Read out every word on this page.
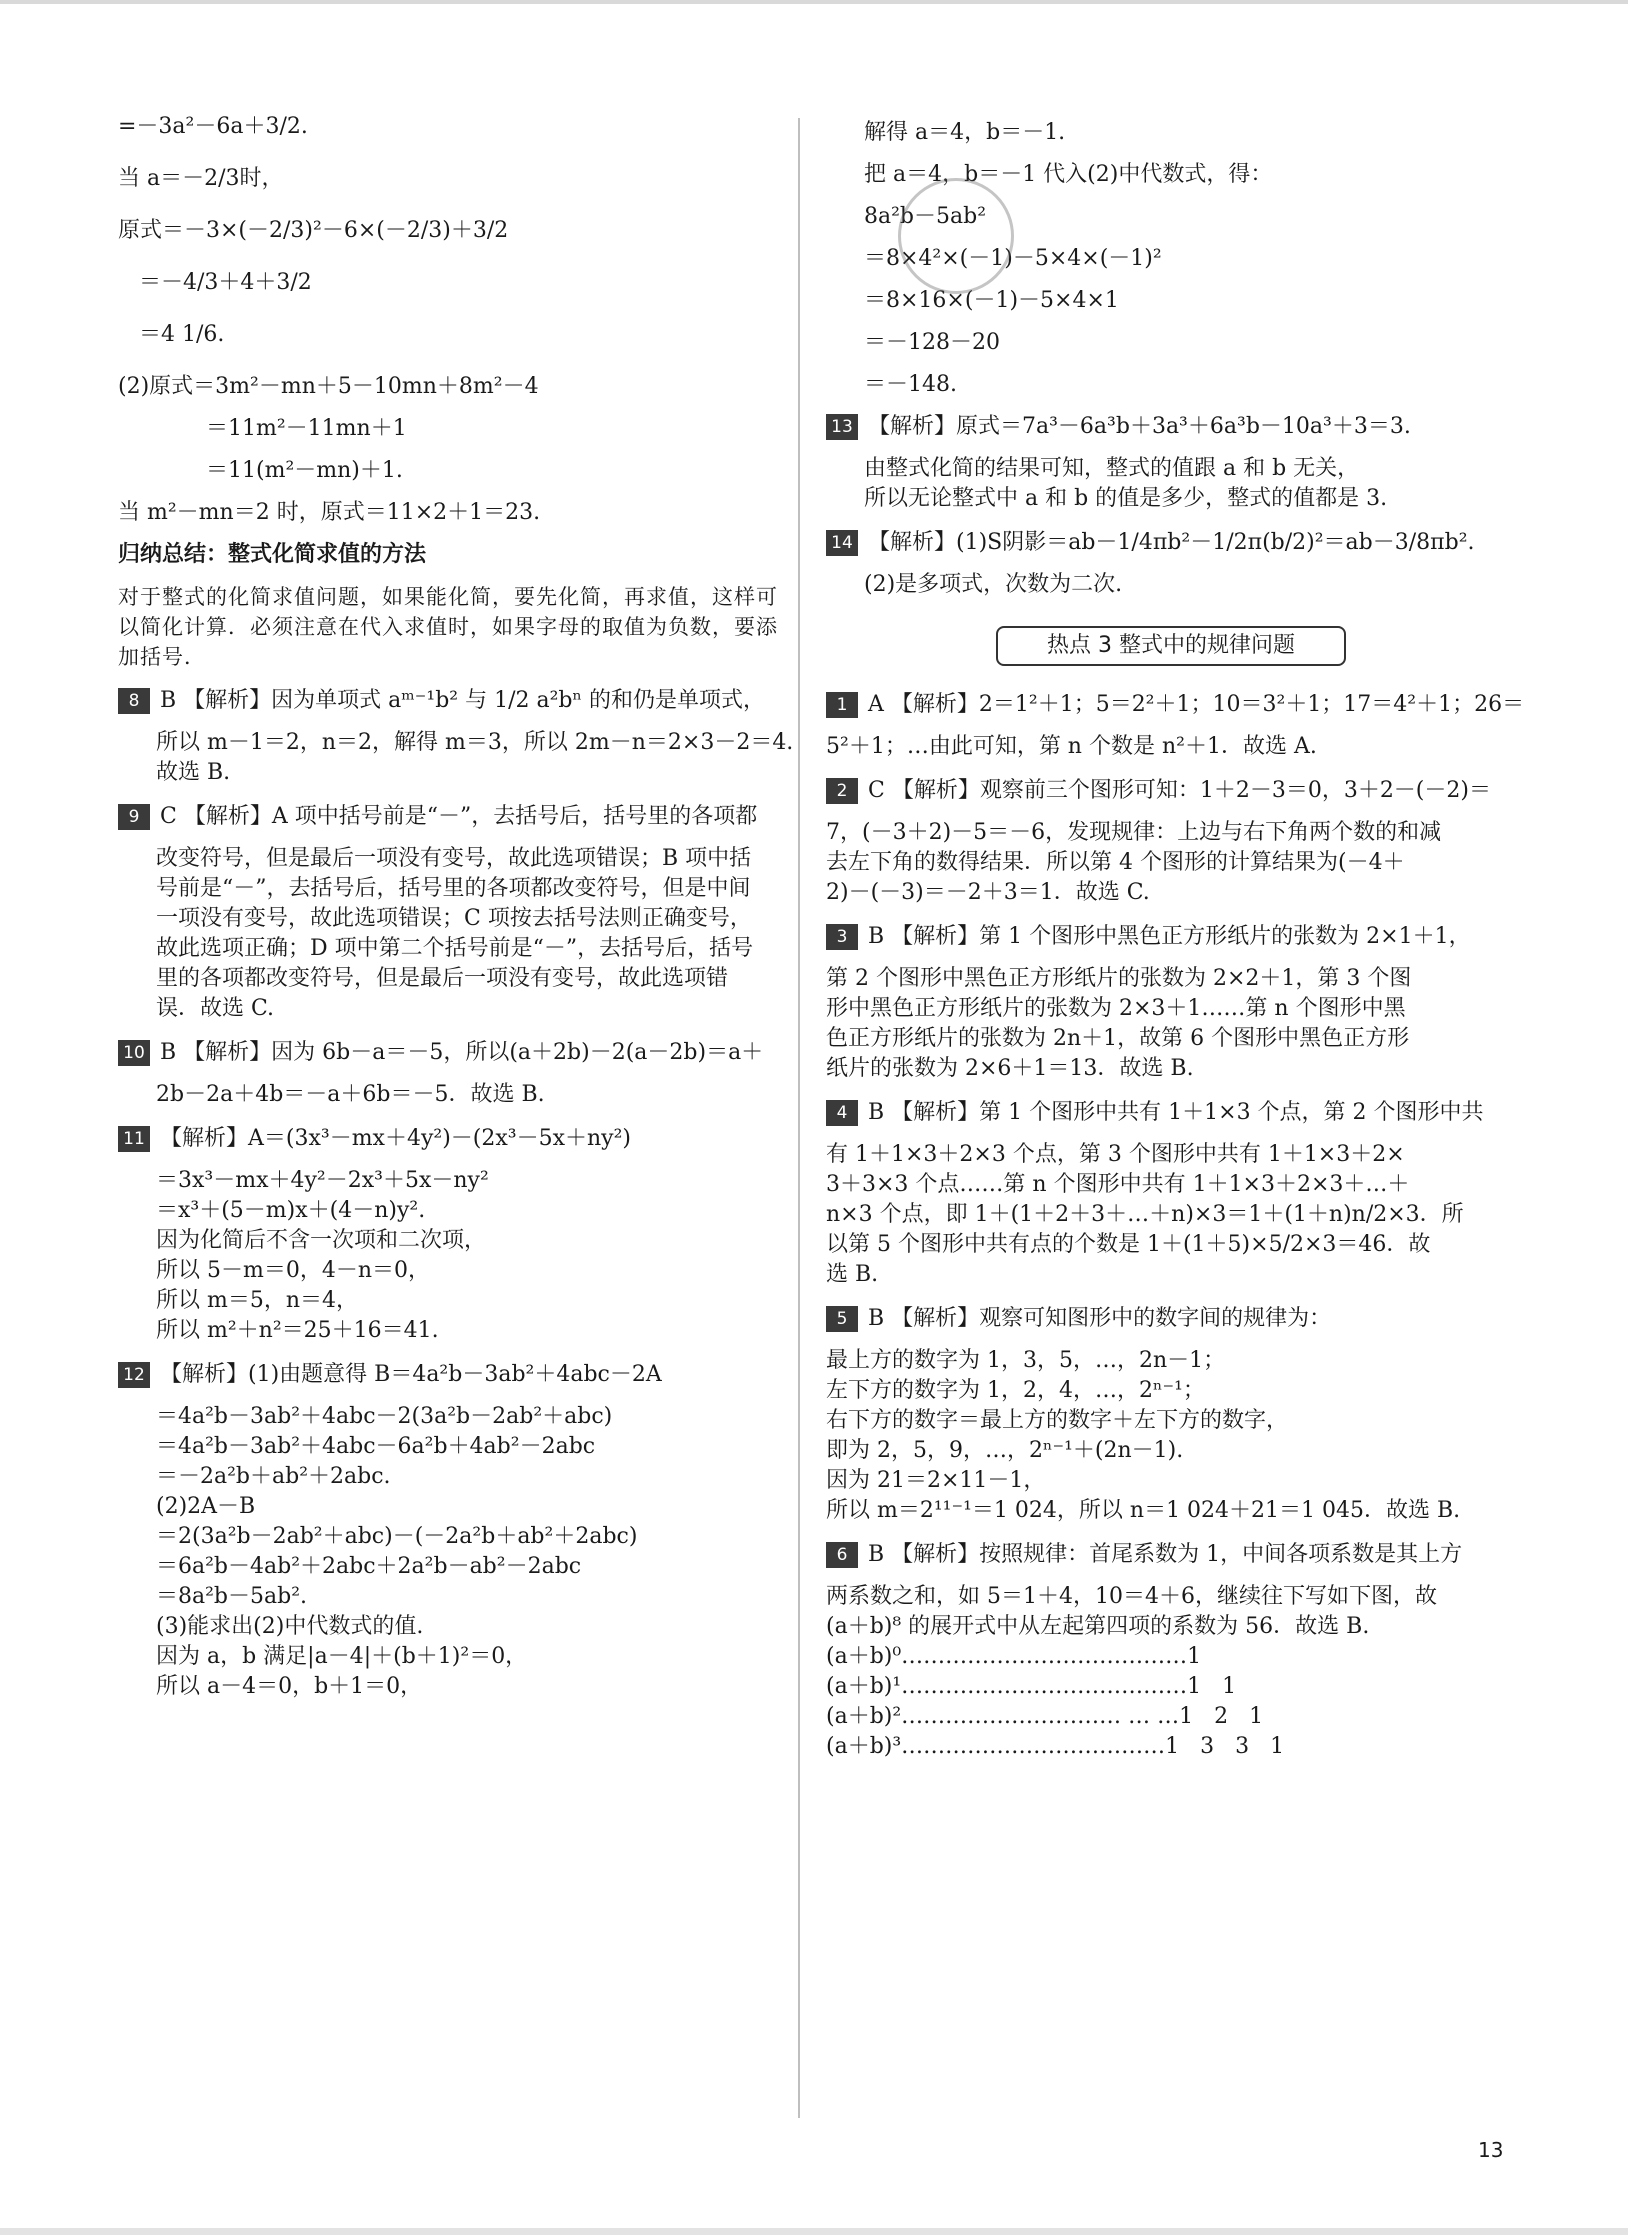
=－3a²－6a＋3/2.
当 a＝－2/3时，
原式＝－3×(－2/3)²－6×(－2/3)＋3/2
＝－4/3＋4＋3/2
＝4 1/6.
(2)原式＝3m²－mn＋5－10mn＋8m²－4
＝11m²－11mn＋1
＝11(m²－mn)＋1.
当 m²－mn＝2 时，原式＝11×2＋1＝23.
归纳总结：整式化简求值的方法
对于整式的化简求值问题，如果能化简，要先化简，再求值，这样可以简化计算．必须注意在代入求值时，如果字母的取值为负数，要添加括号．
8 B 【解析】因为单项式 aᵐ⁻¹b² 与 1/2 a²bⁿ 的和仍是单项式，
所以 m－1＝2，n＝2，解得 m＝3，所以 2m－n＝2×3－2＝4.
故选 B.
9 C 【解析】A 项中括号前是“－”，去括号后，括号里的各项都
改变符号，但是最后一项没有变号，故此选项错误；B 项中括
号前是“－”，去括号后，括号里的各项都改变符号，但是中间
一项没有变号，故此选项错误；C 项按去括号法则正确变号，
故此选项正确；D 项中第二个括号前是“－”，去括号后，括号
里的各项都改变符号，但是最后一项没有变号，故此选项错
误．故选 C.
10 B 【解析】因为 6b－a＝－5，所以(a＋2b)－2(a－2b)＝a＋
2b－2a＋4b＝－a＋6b＝－5．故选 B.
11 【解析】A＝(3x³－mx＋4y²)－(2x³－5x＋ny²)
＝3x³－mx＋4y²－2x³＋5x－ny²
＝x³＋(5－m)x＋(4－n)y².
因为化简后不含一次项和二次项，
所以 5－m＝0，4－n＝0，
所以 m＝5，n＝4，
所以 m²＋n²＝25＋16＝41.
12 【解析】(1)由题意得 B＝4a²b－3ab²＋4abc－2A
＝4a²b－3ab²＋4abc－2(3a²b－2ab²＋abc)
＝4a²b－3ab²＋4abc－6a²b＋4ab²－2abc
＝－2a²b＋ab²＋2abc.
(2)2A－B
＝2(3a²b－2ab²＋abc)－(－2a²b＋ab²＋2abc)
＝6a²b－4ab²＋2abc＋2a²b－ab²－2abc
＝8a²b－5ab².
(3)能求出(2)中代数式的值.
因为 a，b 满足|a－4|＋(b＋1)²＝0，
所以 a－4＝0，b＋1＝0，
解得 a＝4，b＝－1.
把 a＝4，b＝－1 代入(2)中代数式，得：
8a²b－5ab²
＝8×4²×(－1)－5×4×(－1)²
＝8×16×(－1)－5×4×1
＝－128－20
＝－148.
13 【解析】原式＝7a³－6a³b＋3a³＋6a³b－10a³＋3＝3.
由整式化简的结果可知，整式的值跟 a 和 b 无关，
所以无论整式中 a 和 b 的值是多少，整式的值都是 3.
14 【解析】(1)S阴影＝ab－1/4πb²－1/2π(b/2)²＝ab－3/8πb².
(2)是多项式，次数为二次.
热点 3 整式中的规律问题
1 A 【解析】2＝1²＋1；5＝2²＋1；10＝3²＋1；17＝4²＋1；26＝
5²＋1；…由此可知，第 n 个数是 n²＋1．故选 A.
2 C 【解析】观察前三个图形可知：1＋2－3＝0，3＋2－(－2)＝
7，(－3＋2)－5＝－6，发现规律：上边与右下角两个数的和减
去左下角的数得结果．所以第 4 个图形的计算结果为(－4＋
2)－(－3)＝－2＋3＝1．故选 C.
3 B 【解析】第 1 个图形中黑色正方形纸片的张数为 2×1＋1，
第 2 个图形中黑色正方形纸片的张数为 2×2＋1，第 3 个图
形中黑色正方形纸片的张数为 2×3＋1……第 n 个图形中黑
色正方形纸片的张数为 2n＋1，故第 6 个图形中黑色正方形
纸片的张数为 2×6＋1＝13．故选 B.
4 B 【解析】第 1 个图形中共有 1＋1×3 个点，第 2 个图形中共
有 1＋1×3＋2×3 个点，第 3 个图形中共有 1＋1×3＋2×
3＋3×3 个点……第 n 个图形中共有 1＋1×3＋2×3＋…＋
n×3 个点，即 1＋(1＋2＋3＋…＋n)×3＝1＋(1＋n)n/2×3．所
以第 5 个图形中共有点的个数是 1＋(1＋5)×5/2×3＝46．故
选 B.
5 B 【解析】观察可知图形中的数字间的规律为：
最上方的数字为 1，3，5，…，2n－1；
左下方的数字为 1，2，4，…，2ⁿ⁻¹；
右下方的数字＝最上方的数字＋左下方的数字，
即为 2，5，9，…，2ⁿ⁻¹＋(2n－1).
因为 21＝2×11－1，
所以 m＝2¹¹⁻¹＝1 024，所以 n＝1 024＋21＝1 045．故选 B.
6 B 【解析】按照规律：首尾系数为 1，中间各项系数是其上方
两系数之和，如 5＝1＋4，10＝4＋6，继续往下写如下图，故
(a＋b)⁸ 的展开式中从左起第四项的系数为 56．故选 B.
(a＋b)⁰…………………………………1
(a＋b)¹…………………………………1   1
(a＋b)²………………………… … …1   2   1
(a＋b)³………………………………1   3   3   1
13
